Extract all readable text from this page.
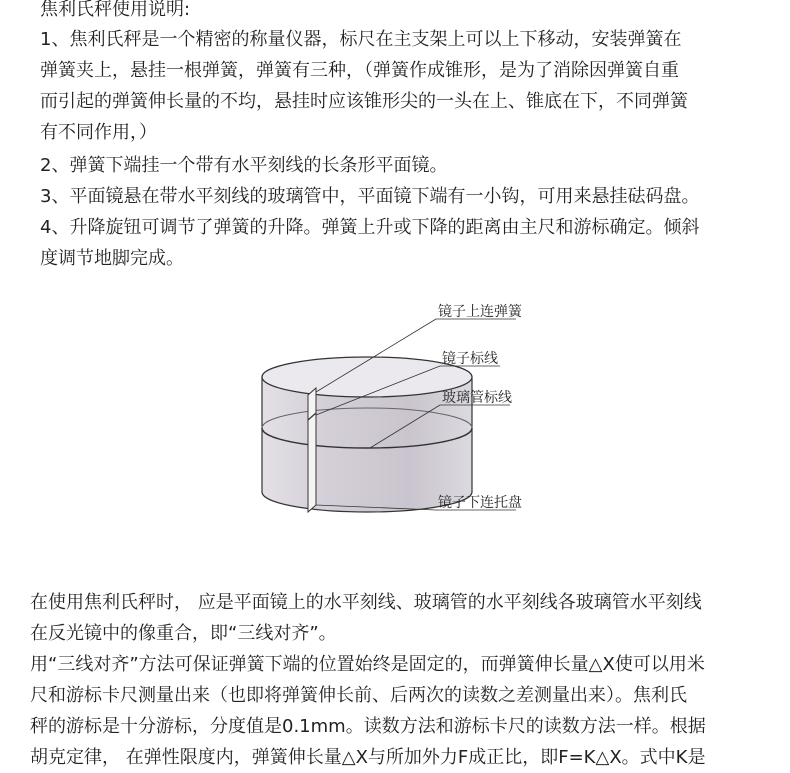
焦利氏秤使用说明:
1、焦利氏秤是一个精密的称量仪器，标尺在主支架上可以上下移动，安装弹簧在
弹簧夹上，悬挂一根弹簧，弹簧有三种，（弹簧作成锥形，是为了消除因弹簧自重
而引起的弹簧伸长量的不均，悬挂时应该锥形尖的一头在上、锥底在下，不同弹簧
有不同作用，）
2、弹簧下端挂一个带有水平刻线的长条形平面镜。
3、平面镜悬在带水平刻线的玻璃管中，平面镜下端有一小钩，可用来悬挂砝码盘。
4、升降旋钮可调节了弹簧的升降。弹簧上升或下降的距离由主尺和游标确定。倾斜
度调节地脚完成。
镜子上连弹簧
镜子标线
玻璃管标线
镜子下连托盘
在使用焦利氏秤时， 应是平面镜上的水平刻线、玻璃管的水平刻线各玻璃管水平刻线
在反光镜中的像重合，即“三线对齐”。
用“三线对齐”方法可保证弹簧下端的位置始终是固定的，而弹簧伸长量△X使可以用米
尺和游标卡尺测量出来（也即将弹簧伸长前、后两次的读数之差测量出来）。焦利氏
秤的游标是十分游标，分度值是0.1mm。读数方法和游标卡尺的读数方法一样。根据
胡克定律， 在弹性限度内，弹簧伸长量△X与所加外力F成正比，即F=K△X。式中K是
